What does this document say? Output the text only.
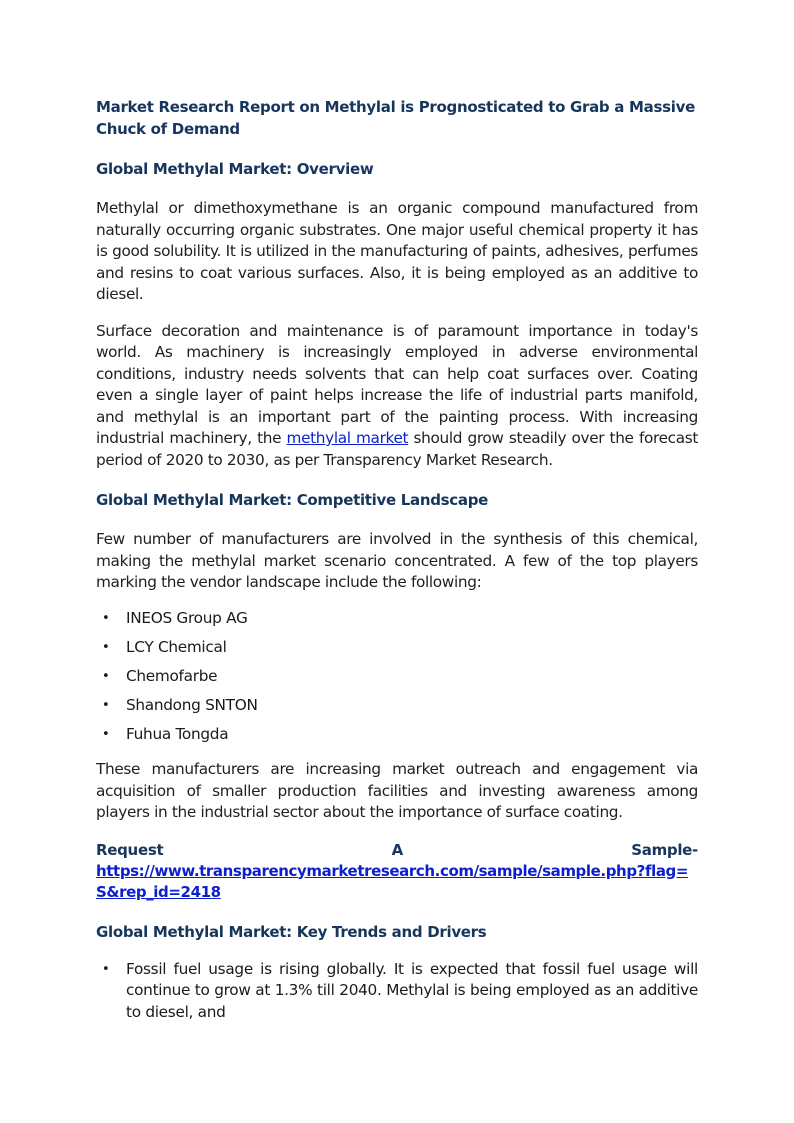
Market Research Report on Methylal is Prognosticated to Grab a Massive Chuck of Demand
Global Methylal Market: Overview

Methylal or dimethoxymethane is an organic compound manufactured from naturally occurring organic substrates. One major useful chemical property it has is good solubility. It is utilized in the manufacturing of paints, adhesives, perfumes and resins to coat various surfaces. Also, it is being employed as an additive to diesel.

Surface decoration and maintenance is of paramount importance in today's world. As machinery is increasingly employed in adverse environmental conditions, industry needs solvents that can help coat surfaces over. Coating even a single layer of paint helps increase the life of industrial parts manifold, and methylal is an important part of the painting process. With increasing industrial machinery, the methylal market should grow steadily over the forecast period of 2020 to 2030, as per Transparency Market Research.

Global Methylal Market: Competitive Landscape

Few number of manufacturers are involved in the synthesis of this chemical, making the methylal market scenario concentrated. A few of the top players marking the vendor landscape include the following:

• INEOS Group AG
• LCY Chemical
• Chemofarbe
• Shandong SNTON
• Fuhua Tongda

These manufacturers are increasing market outreach and engagement via acquisition of smaller production facilities and investing awareness among players in the industrial sector about the importance of surface coating.

Request	A	Sample-
https://www.transparencymarketresearch.com/sample/sample.php?flag=S&rep_id=2418
Global Methylal Market: Key Trends and Drivers
• Fossil fuel usage is rising globally. It is expected that fossil fuel usage will continue to grow at 1.3% till 2040. Methylal is being employed as an additive to diesel, and
